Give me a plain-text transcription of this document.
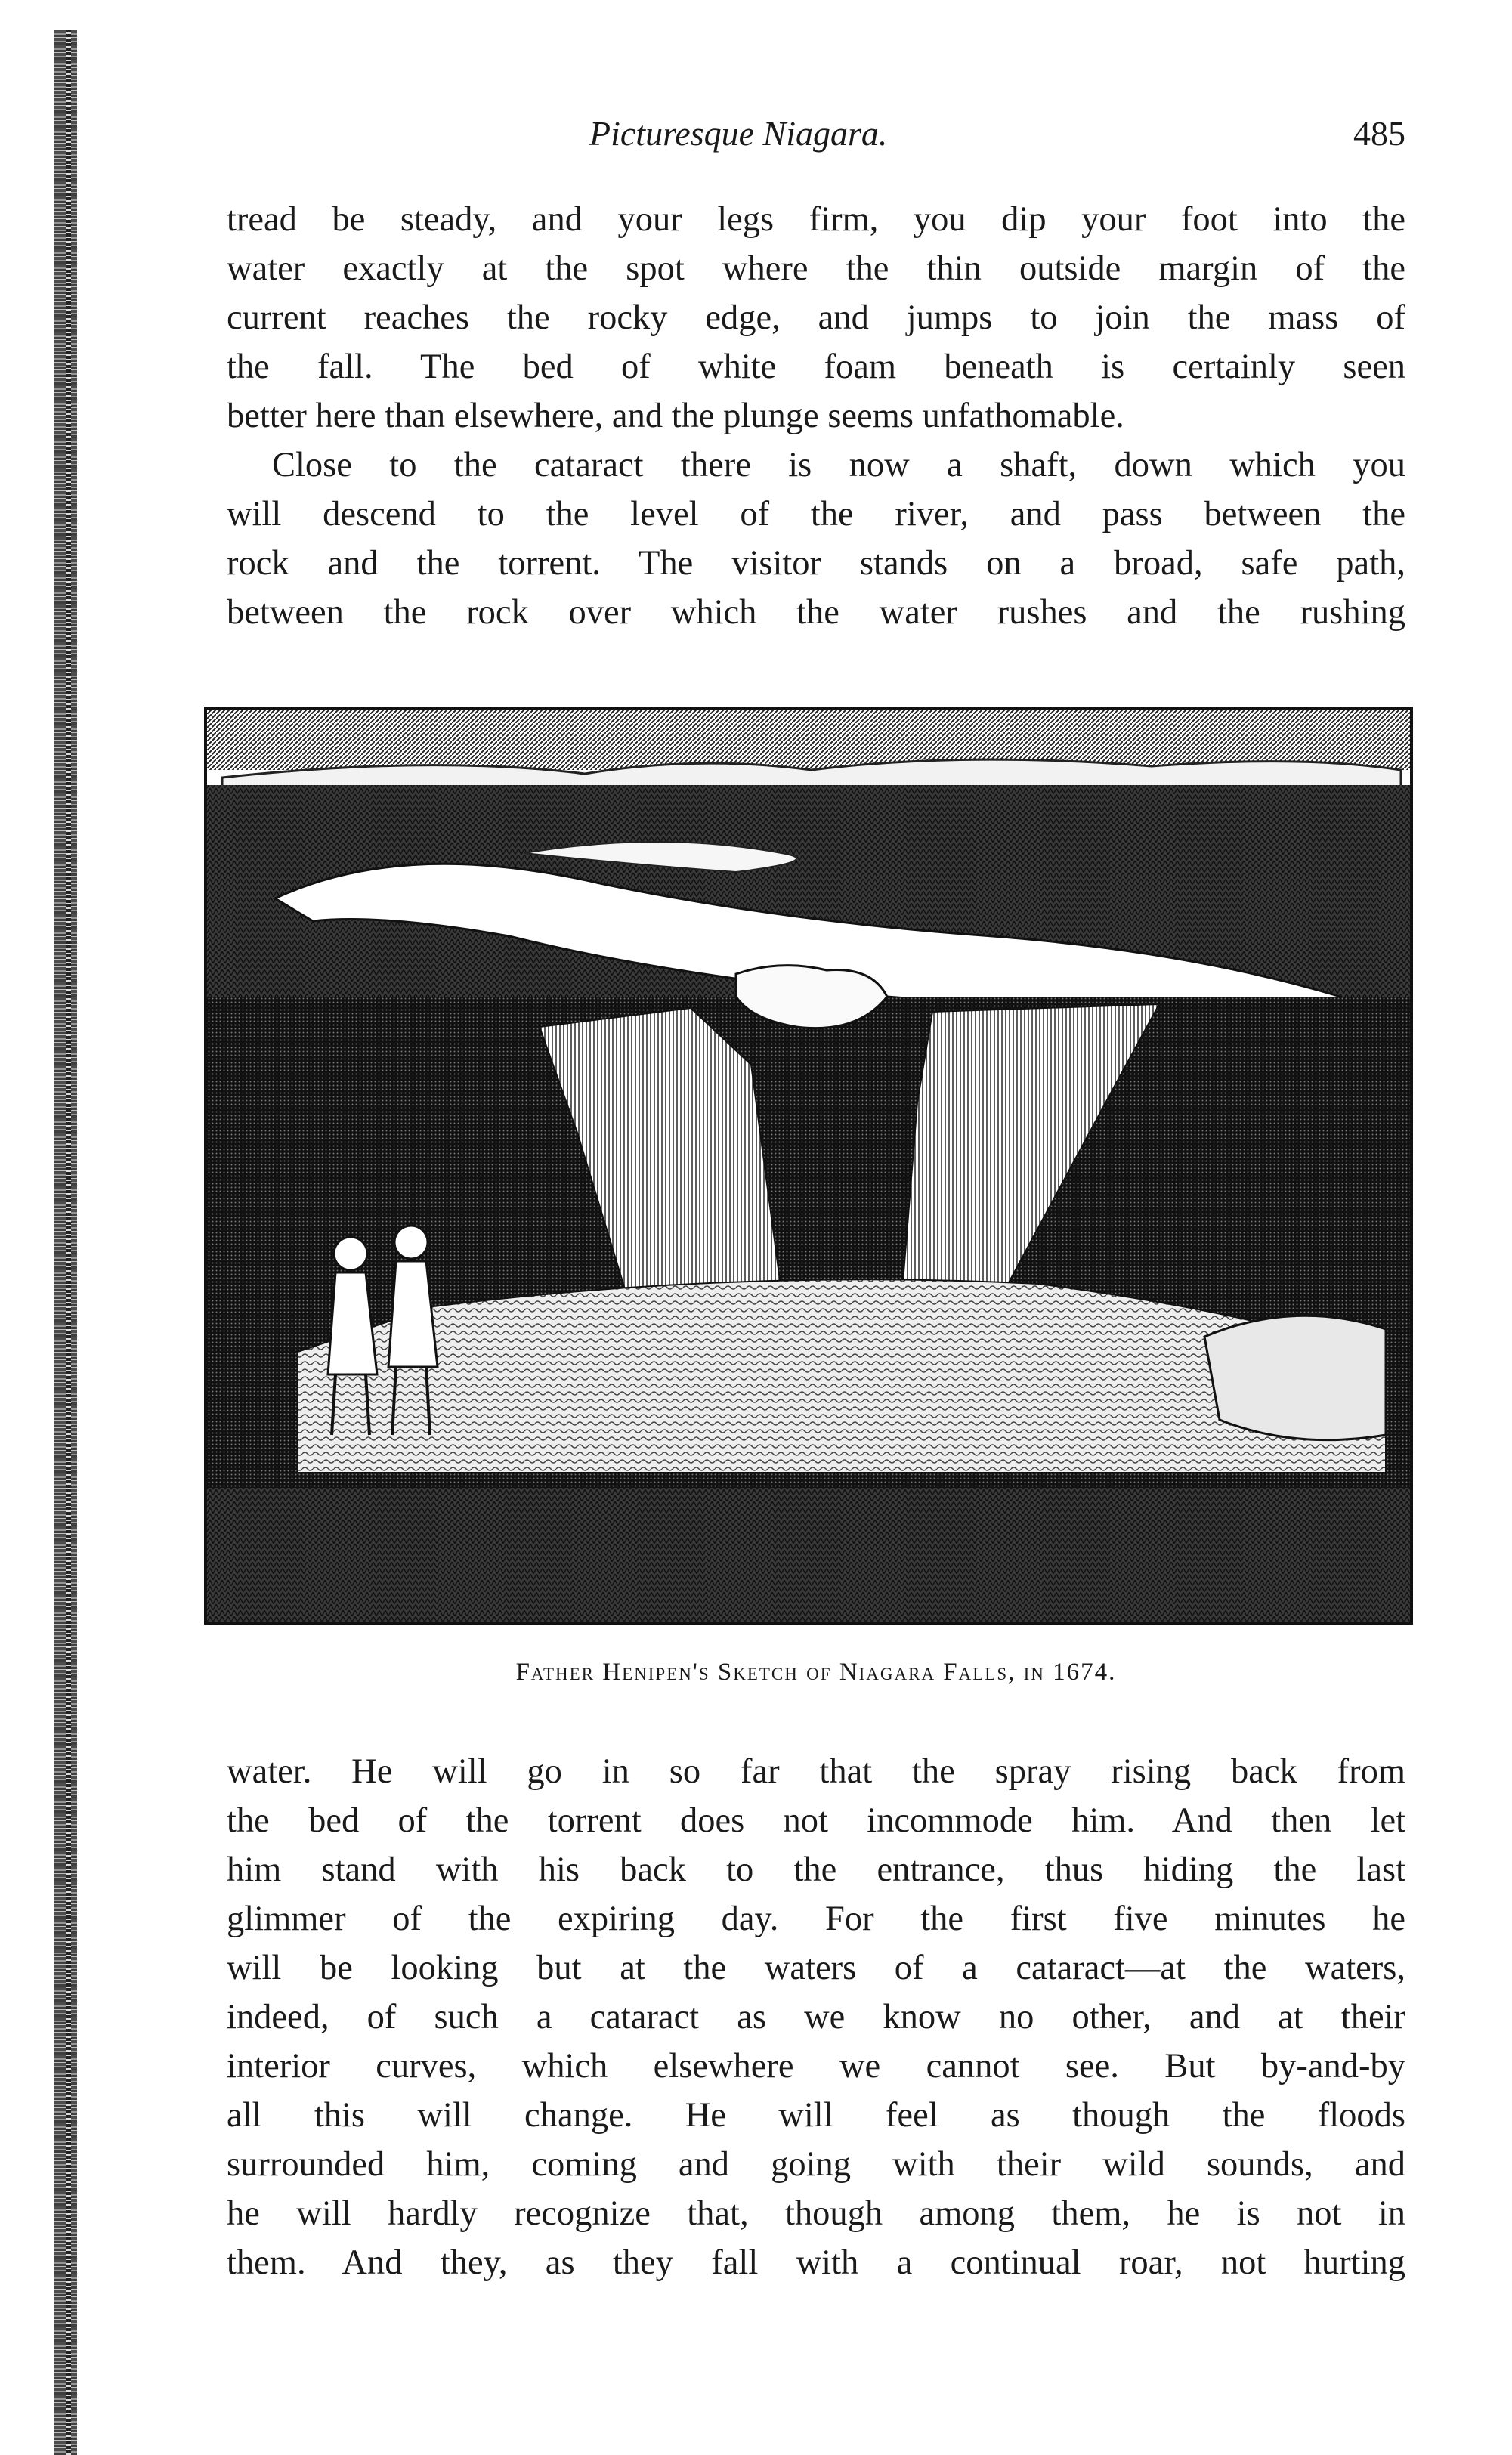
Picturesque Niagara.	485
tread be steady, and your legs firm, you dip your foot into the
water exactly at the spot where the thin outside margin of the
current reaches the rocky edge, and jumps to join the mass of
the fall. The bed of white foam beneath is certainly seen
better here than elsewhere, and the plunge seems unfathomable.
Close to the cataract there is now a shaft, down which you
will descend to the level of the river, and pass between the
rock and the torrent. The visitor stands on a broad, safe path,
between the rock over which the water rushes and the rushing
Father Henipen's Sketch of Niagara Falls, in 1674.
water. He will go in so far that the spray rising back from
the bed of the torrent does not incommode him. And then let
him stand with his back to the entrance, thus hiding the last
glimmer of the expiring day. For the first five minutes he
will be looking but at the waters of a cataract—at the waters,
indeed, of such a cataract as we know no other, and at their
interior curves, which elsewhere we cannot see. But by-and-by
all this will change. He will feel as though the floods
surrounded him, coming and going with their wild sounds, and
he will hardly recognize that, though among them, he is not in
them. And they, as they fall with a continual roar, not hurting
